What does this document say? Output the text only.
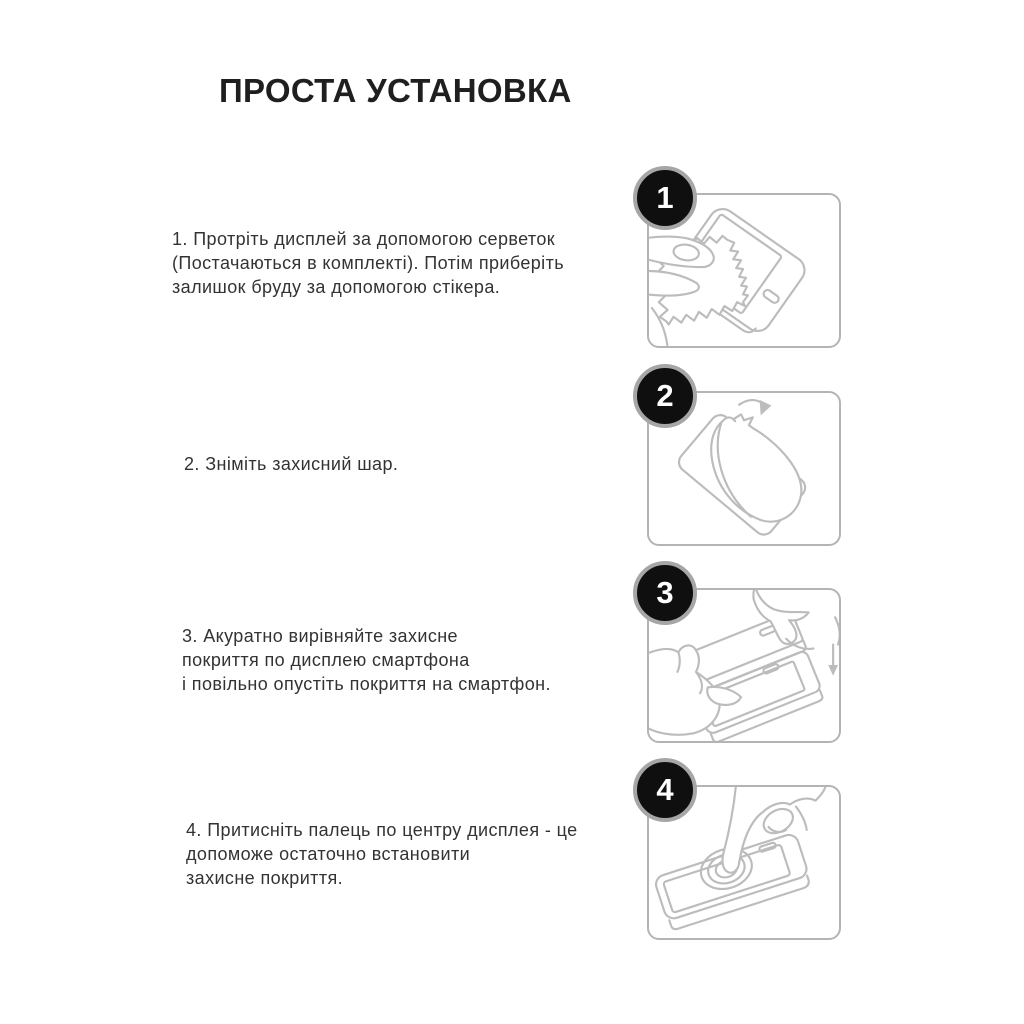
ПРОСТА УСТАНОВКА
1. Протріть дисплей за допомогою серветок
(Постачаються в комплекті). Потім приберіть
залишок бруду за допомогою стікера.
2. Зніміть захисний шар.
3. Акуратно вирівняйте захисне
покриття по дисплею смартфона
і повільно опустіть покриття на смартфон.
4. Притисніть палець по центру дисплея - це
допоможе остаточно встановити
захисне покриття.
1
2
3
4
